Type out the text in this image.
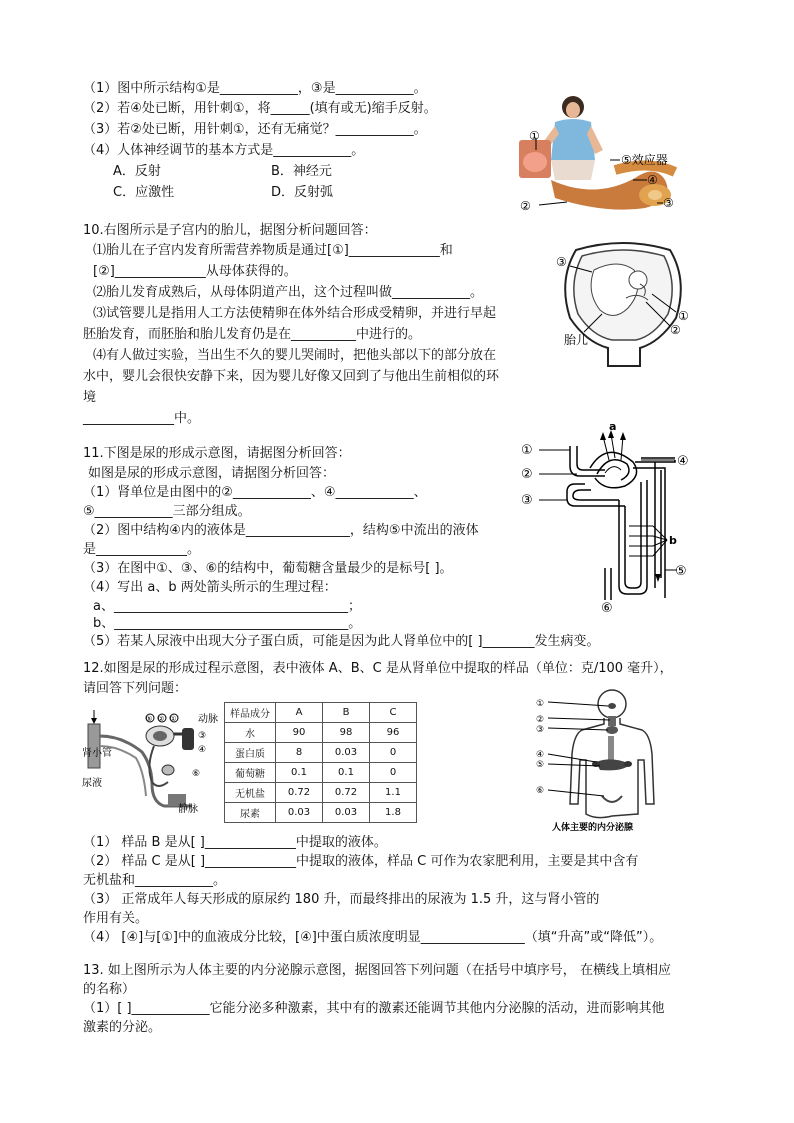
（1）图中所示结构①是____________，③是____________。
（2）若④处已断，用针刺①，将______(填有或无)缩手反射。
（3）若②处已断，用针刺①，还有无痛觉？____________。
（4）人体神经调节的基本方式是____________。
A．反射	B．神经元
C．应激性	D．反射弧
①
②	③
④
⑤效应器
10.右图所示是子宫内的胎儿，据图分析问题回答：
⑴胎儿在子宫内发育所需营养物质是通过[①]______________和
[②]______________从母体获得的。
⑵胎儿发育成熟后，从母体阴道产出，这个过程叫做____________。
⑶试管婴儿是指用人工方法使精卵在体外结合形成受精卵，并进行早起
胚胎发育，而胚胎和胎儿发育仍是在__________中进行的。
⑷有人做过实验，当出生不久的婴儿哭闹时，把他头部以下的部分放在
水中，婴儿会很快安静下来，因为婴儿好像又回到了与他出生前相似的环
境
______________中。
③
①
②
胎儿
11.下图是尿的形成示意图，请据图分析回答：
如图是尿的形成示意图，请据图分析回答：
（1）肾单位是由图中的②____________、④____________、
⑤____________三部分组成。
（2）图中结构④内的液体是________________，结构⑤中流出的液体
是______________。
（3）在图中①、③、⑥的结构中，葡萄糖含量最少的是标号[ ]。
（4）写出 a、b 两处箭头所示的生理过程：
a、____________________________________；
b、____________________________________。
（5）若某人尿液中出现大分子蛋白质，可能是因为此人肾单位中的[ ]________发生病变。
①
②
③
④
⑤
⑥
a
b
12.如图是尿的形成过程示意图，表中液体 A、B、C 是从肾单位中提取的样品（单位：克/100 毫升），
请回答下列问题：
⑤ ② ① 动脉
③
肾小管	④
⑥
尿液
静脉
样品成分	A	B	C
水	90	98	96
蛋白质	8	0.03	0
葡萄糖	0.1	0.1	0
无机盐	0.72	0.72	1.1
尿素	0.03	0.03	1.8
①
②
③
④
⑤
⑥
人体主要的内分泌腺
（1） 样品 B 是从[ ]______________中提取的液体。
（2） 样品 C 是从[ ]______________中提取的液体，样品 C 可作为农家肥利用，主要是其中含有
无机盐和____________。
（3） 正常成年人每天形成的原尿约 180 升，而最终排出的尿液为 1.5 升，这与肾小管的
作用有关。
（4） [④]与[①]中的血液成分比较，[④]中蛋白质浓度明显________________（填“升高”或“降低”）。
13. 如上图所示为人体主要的内分泌腺示意图，据图回答下列问题（在括号中填序号， 在横线上填相应
的名称）
（1）[ ]____________它能分泌多种激素，其中有的激素还能调节其他内分泌腺的活动，进而影响其他
激素的分泌。
